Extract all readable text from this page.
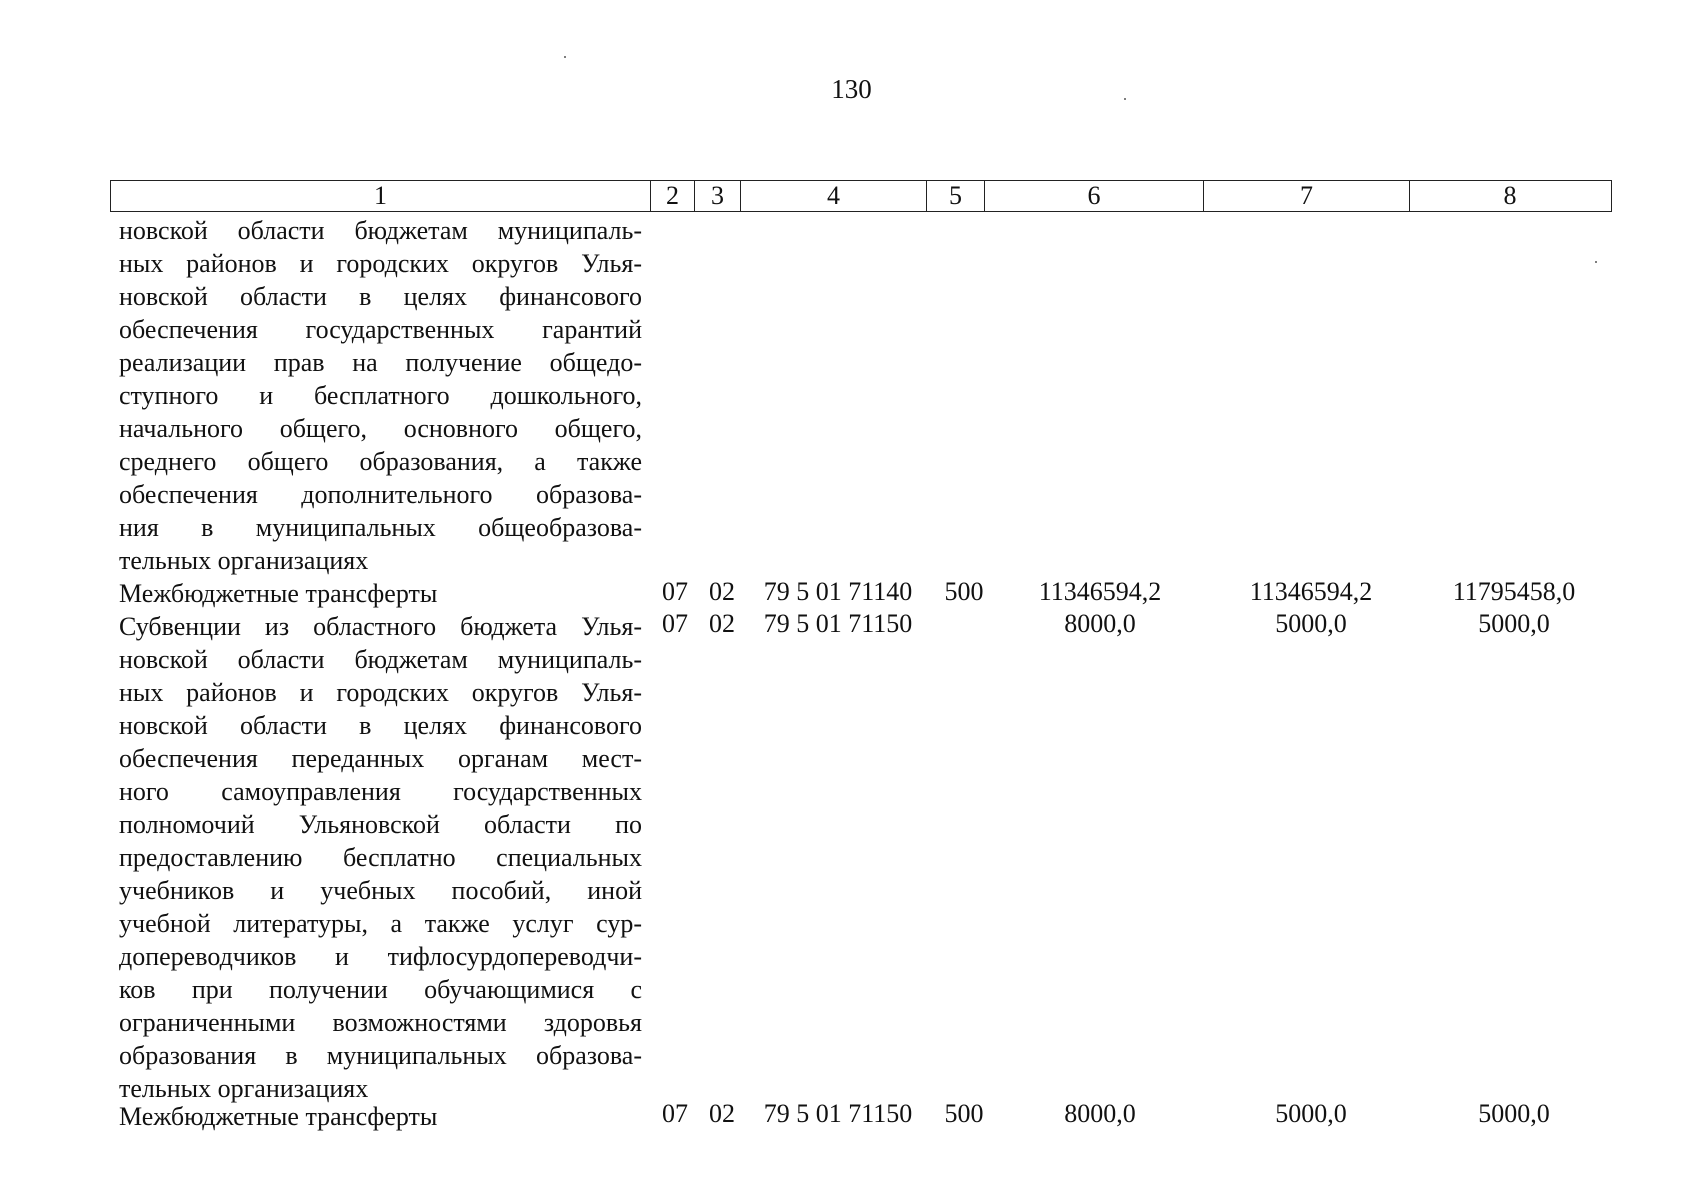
130
1	2	3	4	5	6	7	8
новской области бюджетам муниципаль-
ных районов и городских округов Улья-
новской области в целях финансового
обеспечения государственных гарантий
реализации прав на получение общедо-
ступного и бесплатного дошкольного,
начального общего, основного общего,
среднего общего образования, а также
обеспечения дополнительного образова-
ния в муниципальных общеобразова-
тельных организациях
Межбюджетные трансферты	07 02	79 5 01 71140	500	11346594,2	11346594,2	11795458,0
Субвенции из областного бюджета Улья-
новской области бюджетам муниципаль-
ных районов и городских округов Улья-
новской области в целях финансового
обеспечения переданных органам мест-
ного самоуправления государственных
полномочий Ульяновской области по
предоставлению бесплатно специальных
учебников и учебных пособий, иной
учебной литературы, а также услуг сур-
допереводчиков и тифлосурдопереводчи-
ков при получении обучающимися с
ограниченными возможностями здоровья
образования в муниципальных образова-
тельных организациях
07 02	79 5 01 71150	8000,0	5000,0	5000,0
Межбюджетные трансферты	07 02	79 5 01 71150	500	8000,0	5000,0	5000,0
